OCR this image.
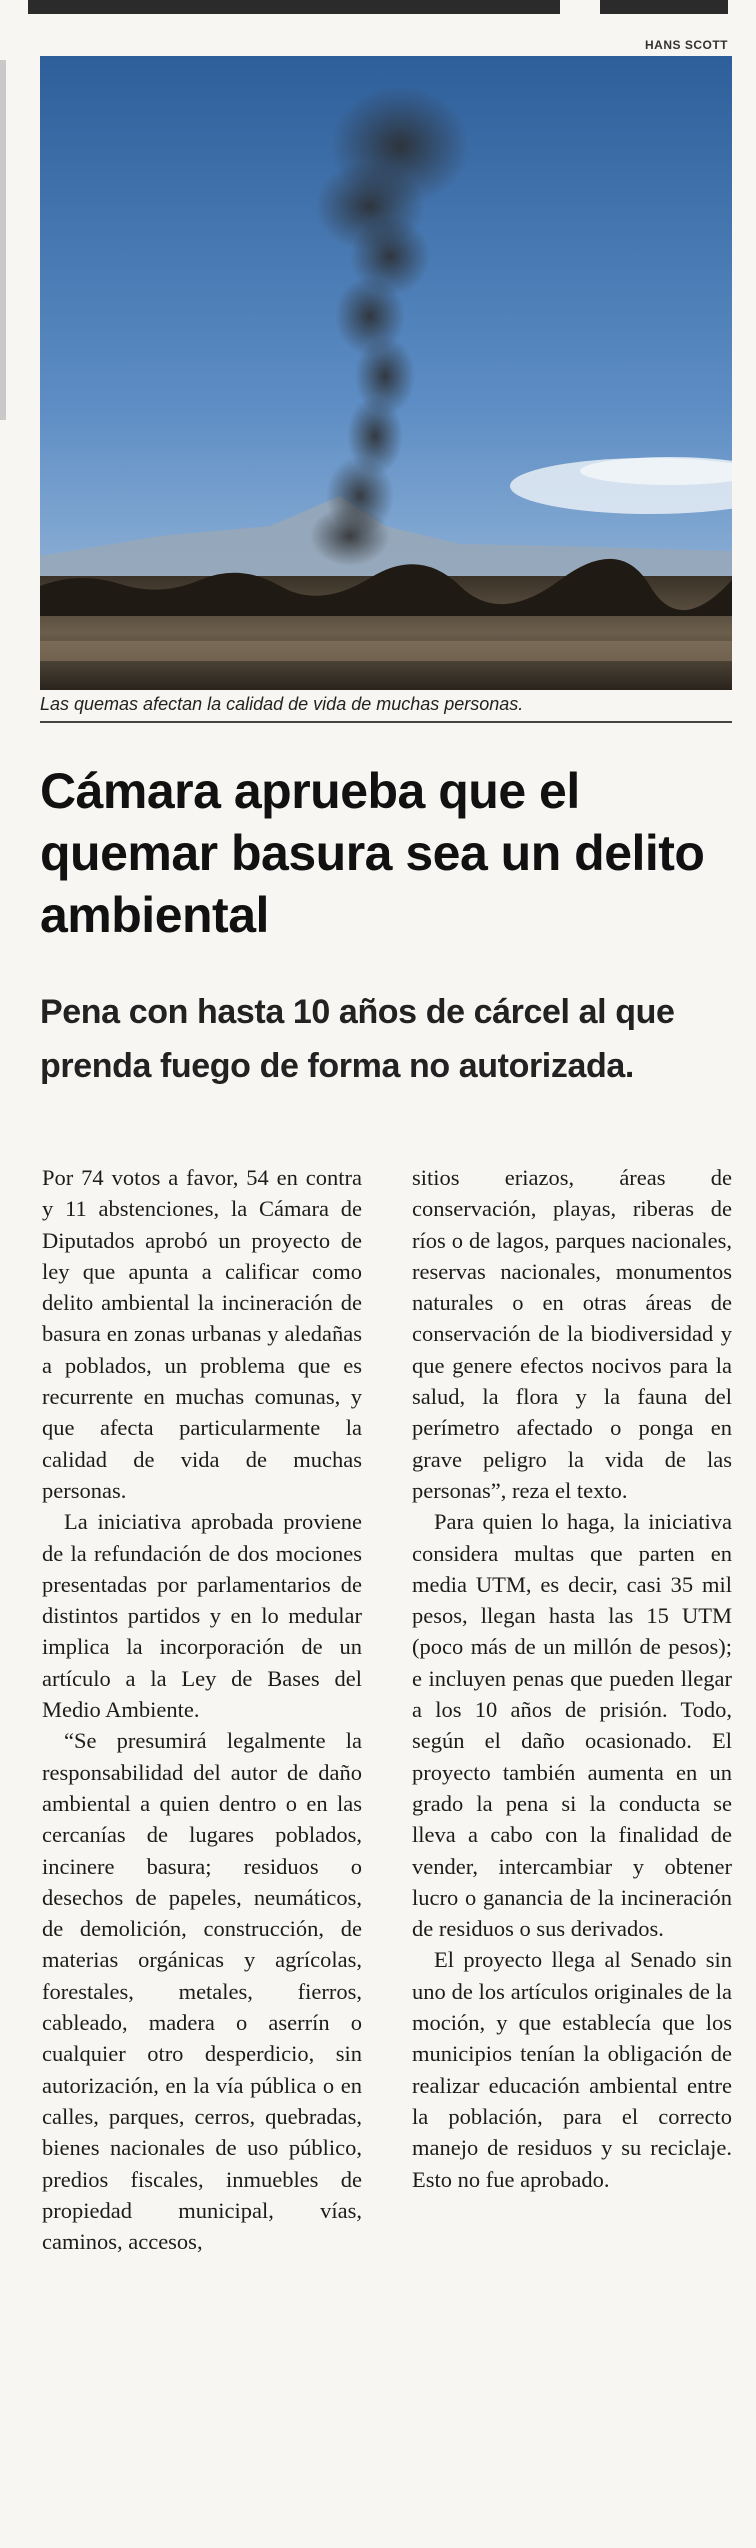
HANS SCOTT
Las quemas afectan la calidad de vida de muchas personas.
Cámara aprueba que el quemar basura sea un delito ambiental
Pena con hasta 10 años de cárcel al que prenda fuego de forma no autorizada.

Por 74 votos a favor, 54 en contra y 11 abstenciones, la Cámara de Diputados aprobó un proyecto de ley que apunta a calificar como delito ambiental la incineración de basura en zonas urbanas y aledañas a poblados, un problema que es recurrente en muchas comunas, y que afecta particularmente la calidad de vida de muchas personas.

La iniciativa aprobada proviene de la refundación de dos mociones presentadas por parlamentarios de distintos partidos y en lo medular implica la incorporación de un artículo a la Ley de Bases del Medio Ambiente.

“Se presumirá legalmente la responsabilidad del autor de daño ambiental a quien dentro o en las cercanías de lugares poblados, incinere basura; residuos o desechos de papeles, neumáticos, de demolición, construcción, de materias orgánicas y agrícolas, forestales, metales, fierros, cableado, madera o aserrín o cualquier otro desperdicio, sin autorización, en la vía pública o en calles, parques, cerros, quebradas, bienes nacionales de uso público, predios fiscales, inmuebles de propiedad municipal, vías, caminos, accesos,

sitios eriazos, áreas de conservación, playas, riberas de ríos o de lagos, parques nacionales, reservas nacionales, monumentos naturales o en otras áreas de conservación de la biodiversidad y que genere efectos nocivos para la salud, la flora y la fauna del perímetro afectado o ponga en grave peligro la vida de las personas”, reza el texto.

Para quien lo haga, la iniciativa considera multas que parten en media UTM, es decir, casi 35 mil pesos, llegan hasta las 15 UTM (poco más de un millón de pesos); e incluyen penas que pueden llegar a los 10 años de prisión. Todo, según el daño ocasionado. El proyecto también aumenta en un grado la pena si la conducta se lleva a cabo con la finalidad de vender, intercambiar y obtener lucro o ganancia de la incineración de residuos o sus derivados.

El proyecto llega al Senado sin uno de los artículos originales de la moción, y que establecía que los municipios tenían la obligación de realizar educación ambiental entre la población, para el correcto manejo de residuos y su reciclaje. Esto no fue aprobado.
